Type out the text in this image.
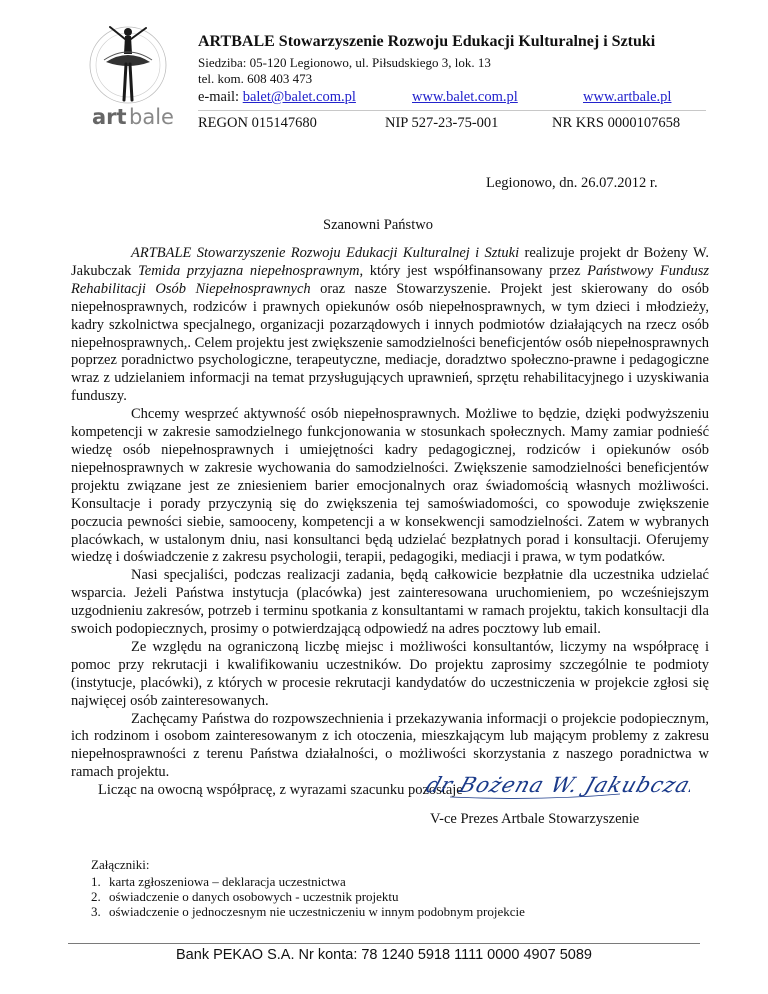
art bale
ARTBALE Stowarzyszenie Rozwoju Edukacji Kulturalnej i Sztuki
Siedziba: 05-120 Legionowo, ul. Piłsudskiego 3, lok. 13
tel. kom. 608 403 473
e-mail: balet@balet.com.pl	www.balet.com.pl	www.artbale.pl
REGON 015147680	NIP 527-23-75-001	NR KRS 0000107658
Legionowo, dn. 26.07.2012 r.
Szanowni Państwo

ARTBALE Stowarzyszenie Rozwoju Edukacji Kulturalnej i Sztuki realizuje projekt dr Bożeny W. Jakubczak Temida przyjazna niepełnosprawnym, który jest współfinansowany przez Państwowy Fundusz Rehabilitacji Osób Niepełnosprawnych oraz nasze Stowarzyszenie. Projekt jest skierowany do osób niepełnosprawnych, rodziców i prawnych opiekunów osób niepełnosprawnych, w tym dzieci i młodzieży, kadry szkolnictwa specjalnego, organizacji pozarządowych i innych podmiotów działających na rzecz osób niepełnosprawnych,. Celem projektu jest zwiększenie samodzielności beneficjentów osób niepełnosprawnych poprzez poradnictwo psychologiczne, terapeutyczne, mediacje, doradztwo społeczno-prawne i pedagogiczne wraz z udzielaniem informacji na temat przysługujących uprawnień, sprzętu rehabilitacyjnego i uzyskiwania funduszy.

Chcemy wesprzeć aktywność osób niepełnosprawnych. Możliwe to będzie, dzięki podwyższeniu kompetencji w zakresie samodzielnego funkcjonowania w stosunkach społecznych. Mamy zamiar podnieść wiedzę osób niepełnosprawnych i umiejętności kadry pedagogicznej, rodziców i opiekunów osób niepełnosprawnych w zakresie wychowania do samodzielności. Zwiększenie samodzielności beneficjentów projektu związane jest ze zniesieniem barier emocjonalnych oraz świadomością własnych możliwości. Konsultacje i porady przyczynią się do zwiększenia tej samoświadomości, co spowoduje zwiększenie poczucia pewności siebie, samooceny, kompetencji a w konsekwencji samodzielności. Zatem w wybranych placówkach, w ustalonym dniu, nasi konsultanci będą udzielać bezpłatnych porad i konsultacji. Oferujemy wiedzę i doświadczenie z zakresu psychologii, terapii, pedagogiki, mediacji i prawa, w tym podatków.

Nasi specjaliści, podczas realizacji zadania, będą całkowicie bezpłatnie dla uczestnika udzielać wsparcia. Jeżeli Państwa instytucja (placówka) jest zainteresowana uruchomieniem, po wcześniejszym uzgodnieniu zakresów, potrzeb i terminu spotkania z konsultantami w ramach projektu, takich konsultacji dla swoich podopiecznych, prosimy o potwierdzającą odpowiedź na adres pocztowy lub email.

Ze względu na ograniczoną liczbę miejsc i możliwości konsultantów, liczymy na współpracę i pomoc przy rekrutacji i kwalifikowaniu uczestników. Do projektu zaprosimy szczególnie te podmioty (instytucje, placówki), z których w procesie rekrutacji kandydatów do uczestniczenia w projekcie zgłosi się najwięcej osób zainteresowanych.

Zachęcamy Państwa do rozpowszechnienia i przekazywania informacji o projekcie podopiecznym, ich rodzinom i osobom zainteresowanym z ich otoczenia, mieszkającym lub mającym problemy z zakresu niepełnosprawności z terenu Państwa działalności, o możliwości skorzystania z naszego poradnictwa w ramach projektu.

Licząc na owocną współpracę, z wyrazami szacunku pozostaje

dr Bożena W. Jakubczak
V-ce Prezes Artbale Stowarzyszenie
Załączniki:
1. karta zgłoszeniowa – deklaracja uczestnictwa
2. oświadczenie o danych osobowych - uczestnik projektu
3. oświadczenie o jednoczesnym nie uczestniczeniu w innym podobnym projekcie
Bank PEKAO S.A. Nr konta: 78 1240 5918 1111 0000 4907 5089
